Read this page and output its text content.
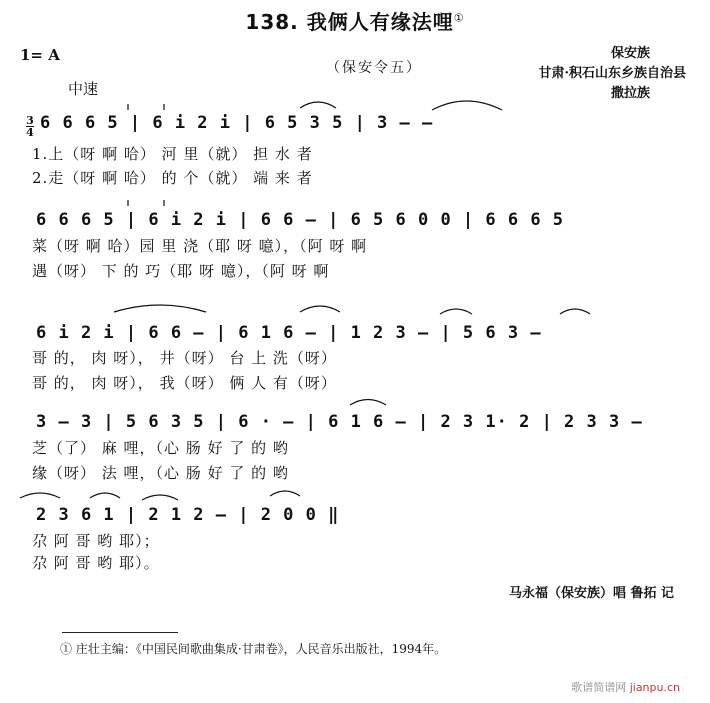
138. 我俩人有缘法哩①
1= A
中速
（保安令五）
保安族
甘肃·积石山东乡族自治县
撒拉族
3
4 6 6 6 5 | 6 i 2 i | 6 5 3 5 | 3 — —
1.上（呀 啊 哈） 河 里（就） 担 水 者
2.走（呀 啊 哈） 的 个（就） 端 来 者
6 6 6 5 | 6 i 2 i | 6 6 — | 6 5 6 0 0 | 6 6 6 5
菜（呀 啊 哈）园 里 浇（耶 呀 噫），（阿 呀 啊
遇（呀） 下 的 巧（耶 呀 噫），（阿 呀 啊
6 i 2 i | 6 6 — | 6 1 6 — | 1 2 3 — | 5 6 3 —
哥 的， 肉 呀）， 井（呀） 台 上 洗（呀）
哥 的， 肉 呀）， 我（呀） 俩 人 有（呀）
3 — 3 | 5 6 3 5 | 6 · — | 6 1 6 — | 2 3 1· 2 | 2 3 3 —
芝（了） 麻 哩，（心 肠 好 了 的 哟
缘（呀） 法 哩，（心 肠 好 了 的 哟
2 3 6 1 | 2 1 2 — | 2 0 0 ‖
尕 阿 哥 哟 耶）；
尕 阿 哥 哟 耶）。
马永福（保安族）唱 鲁拓 记
① 庄壮主编：《中国民间歌曲集成·甘肃卷》，人民音乐出版社，1994年。
歌谱简谱网 jianpu.cn
